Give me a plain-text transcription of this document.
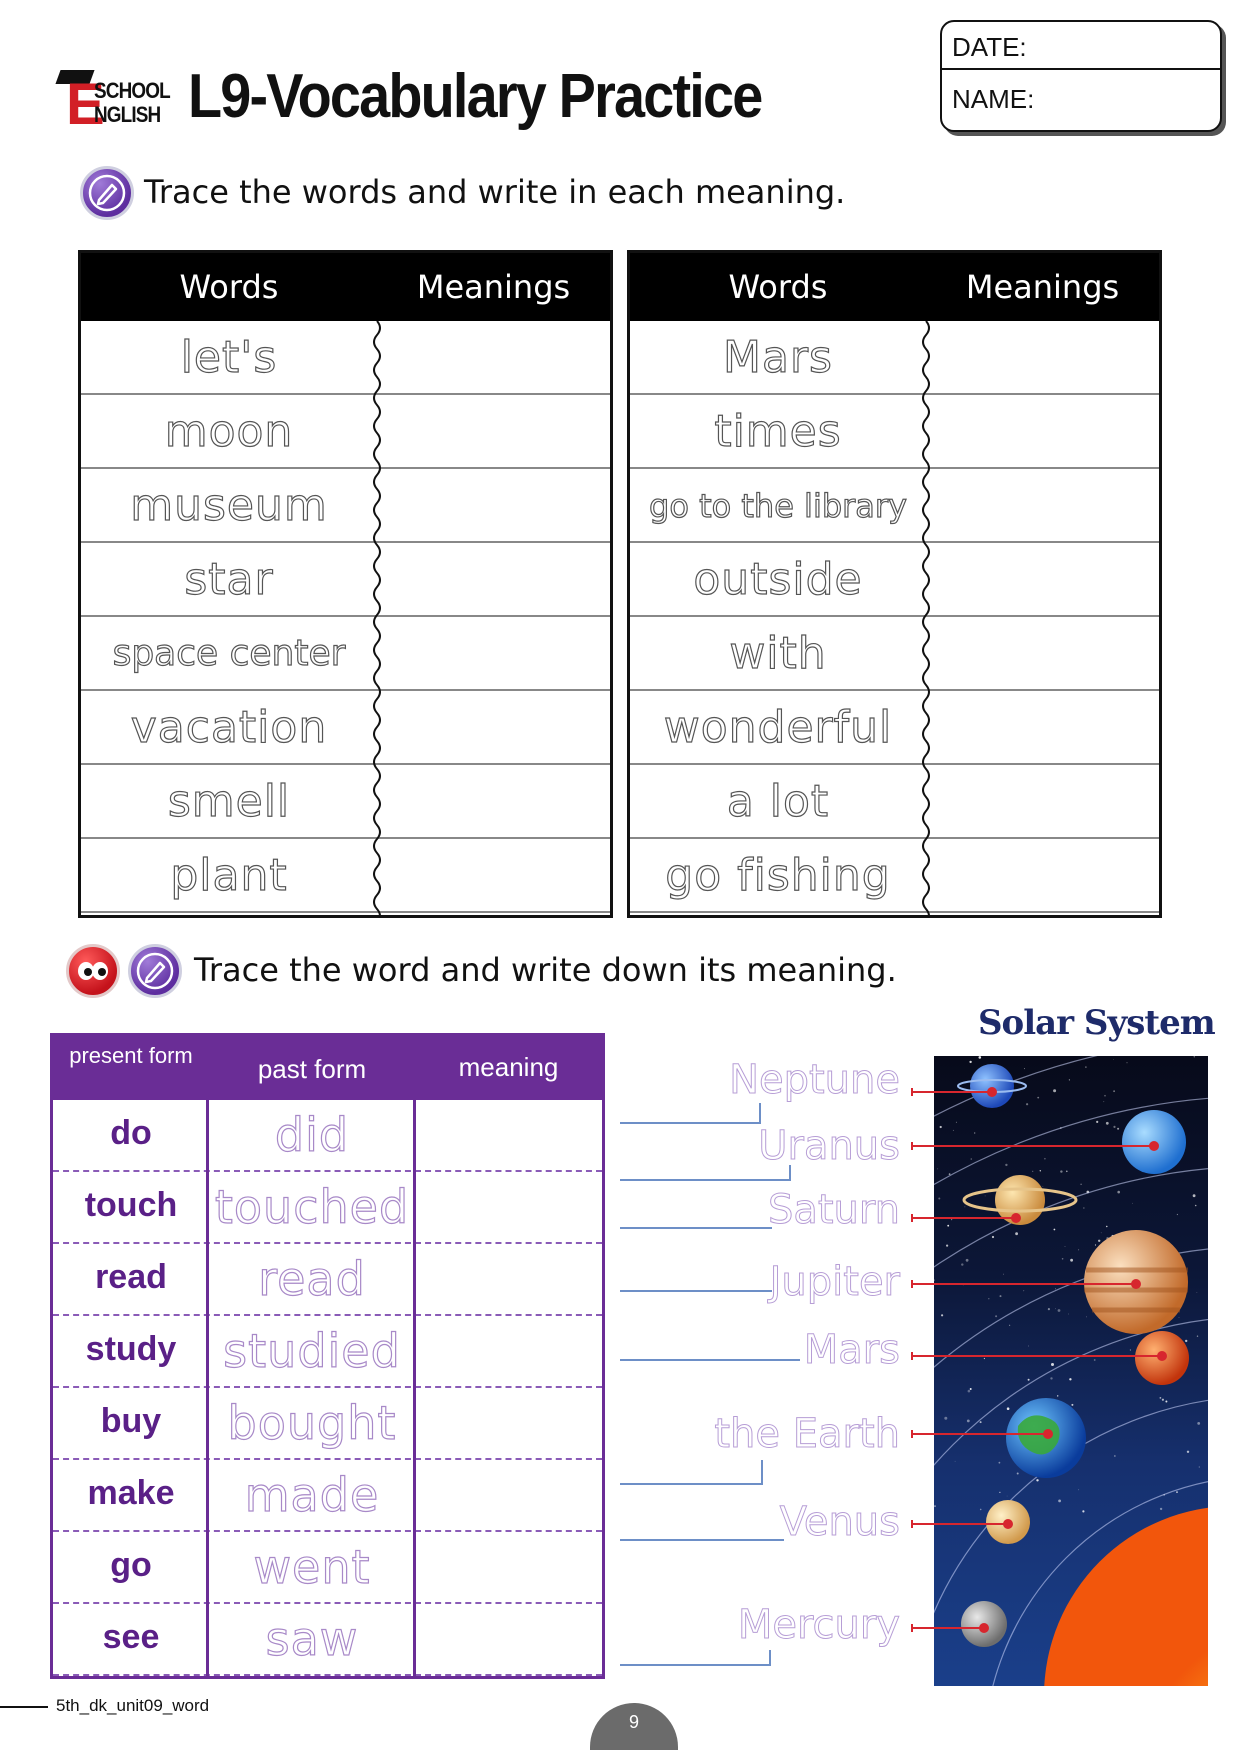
E
SCHOOL
NGLISH L9-Vocabulary Practice
DATE:
NAME:
Trace the words and write in each meaning.
Words	Meanings
let's
moon
museum
star
space center
vacation
smell
plant
Words	Meanings
Mars
times
go to the library
outside
with
wonderful
a lot
go fishing
Trace the word and write down its meaning.
present form	past form	meaning
do	did
touch touched
read	read
study	studied
buy	bought
make	made
go	went
see	saw
Solar System
Neptune
Uranus
Saturn
Jupiter
Mars
the Earth
Venus
Mercury
5th_dk_unit09_word
9
